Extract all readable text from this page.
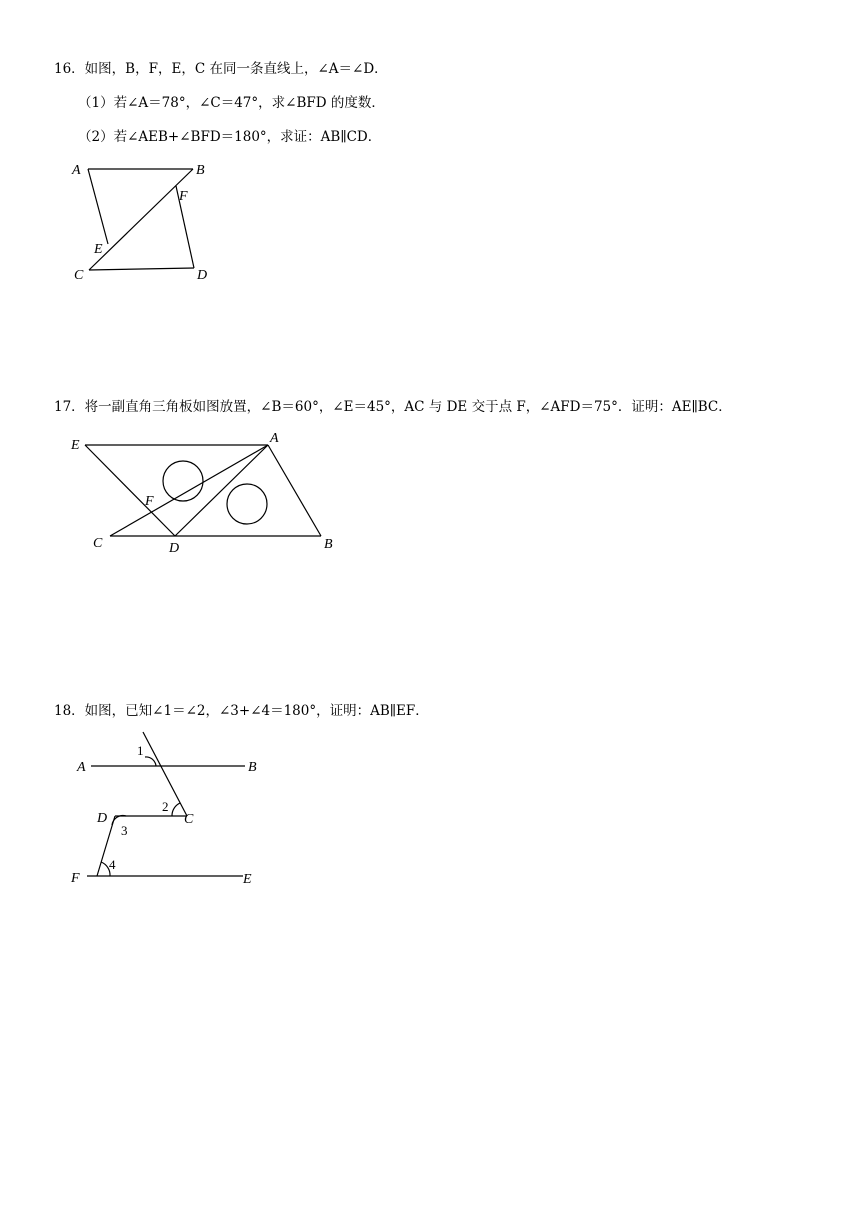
16．如图，B，F，E，C 在同一条直线上，∠A＝∠D．
（1）若∠A＝78°，∠C＝47°，求∠BFD 的度数．
（2）若∠AEB+∠BFD＝180°，求证：AB∥CD．
A	B
F
E
C	D
17．将一副直角三角板如图放置，∠B＝60°，∠E＝45°，AC 与 DE 交于点 F，∠AFD＝75°．证明：AE∥BC．
E	A
F
C	D	B
18．如图，已知∠1＝∠2，∠3+∠4＝180°，证明：AB∥EF．
A	B
1
2
D	C
3
4
F	E
